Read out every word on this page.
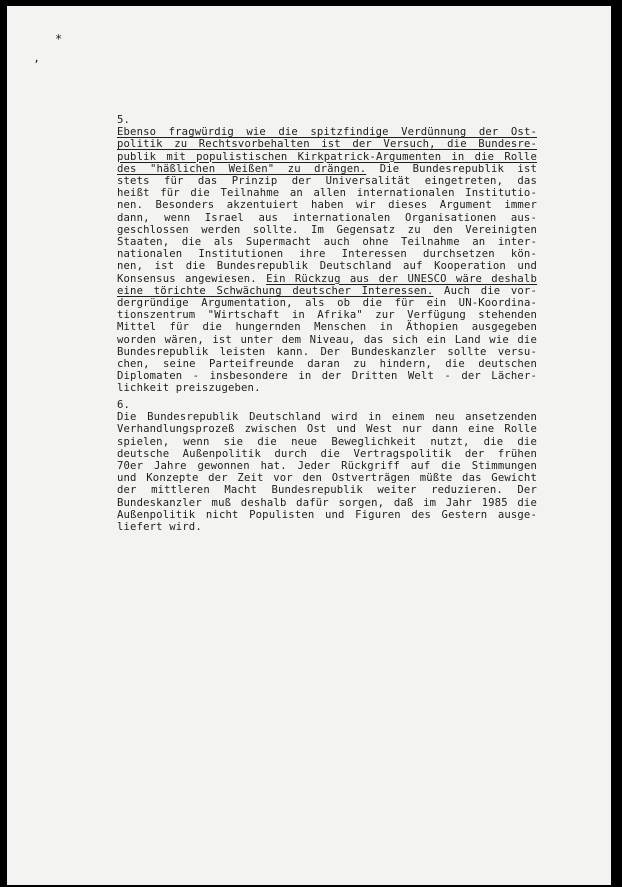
*
ʼ
5.
Ebenso fragwürdig wie die spitzfindige Verdünnung der Ost-
politik zu Rechtsvorbehalten ist der Versuch, die Bundesre-
publik mit populistischen Kirkpatrick-Argumenten in die Rolle
des "häßlichen Weißen" zu drängen. Die Bundesrepublik ist
stets für das Prinzip der Universalität eingetreten, das
heißt für die Teilnahme an allen internationalen Institutio-
nen. Besonders akzentuiert haben wir dieses Argument immer
dann, wenn Israel aus internationalen Organisationen aus-
geschlossen werden sollte. Im Gegensatz zu den Vereinigten
Staaten, die als Supermacht auch ohne Teilnahme an inter-
nationalen Institutionen ihre Interessen durchsetzen kön-
nen, ist die Bundesrepublik Deutschland auf Kooperation und
Konsensus angewiesen. Ein Rückzug aus der UNESCO wäre deshalb
eine törichte Schwächung deutscher Interessen. Auch die vor-
dergründige Argumentation, als ob die für ein UN-Koordina-
tionszentrum "Wirtschaft in Afrika" zur Verfügung stehenden
Mittel für die hungernden Menschen in Äthopien ausgegeben
worden wären, ist unter dem Niveau, das sich ein Land wie die
Bundesrepublik leisten kann. Der Bundeskanzler sollte versu-
chen, seine Parteifreunde daran zu hindern, die deutschen
Diplomaten - insbesondere in der Dritten Welt - der Lächer-
lichkeit preiszugeben.
6.
Die Bundesrepublik Deutschland wird in einem neu ansetzenden
Verhandlungsprozeß zwischen Ost und West nur dann eine Rolle
spielen, wenn sie die neue Beweglichkeit nutzt, die die
deutsche Außenpolitik durch die Vertragspolitik der frühen
70er Jahre gewonnen hat. Jeder Rückgriff auf die Stimmungen
und Konzepte der Zeit vor den Ostverträgen müßte das Gewicht
der mittleren Macht Bundesrepublik weiter reduzieren. Der
Bundeskanzler muß deshalb dafür sorgen, daß im Jahr 1985 die
Außenpolitik nicht Populisten und Figuren des Gestern ausge-
liefert wird.
